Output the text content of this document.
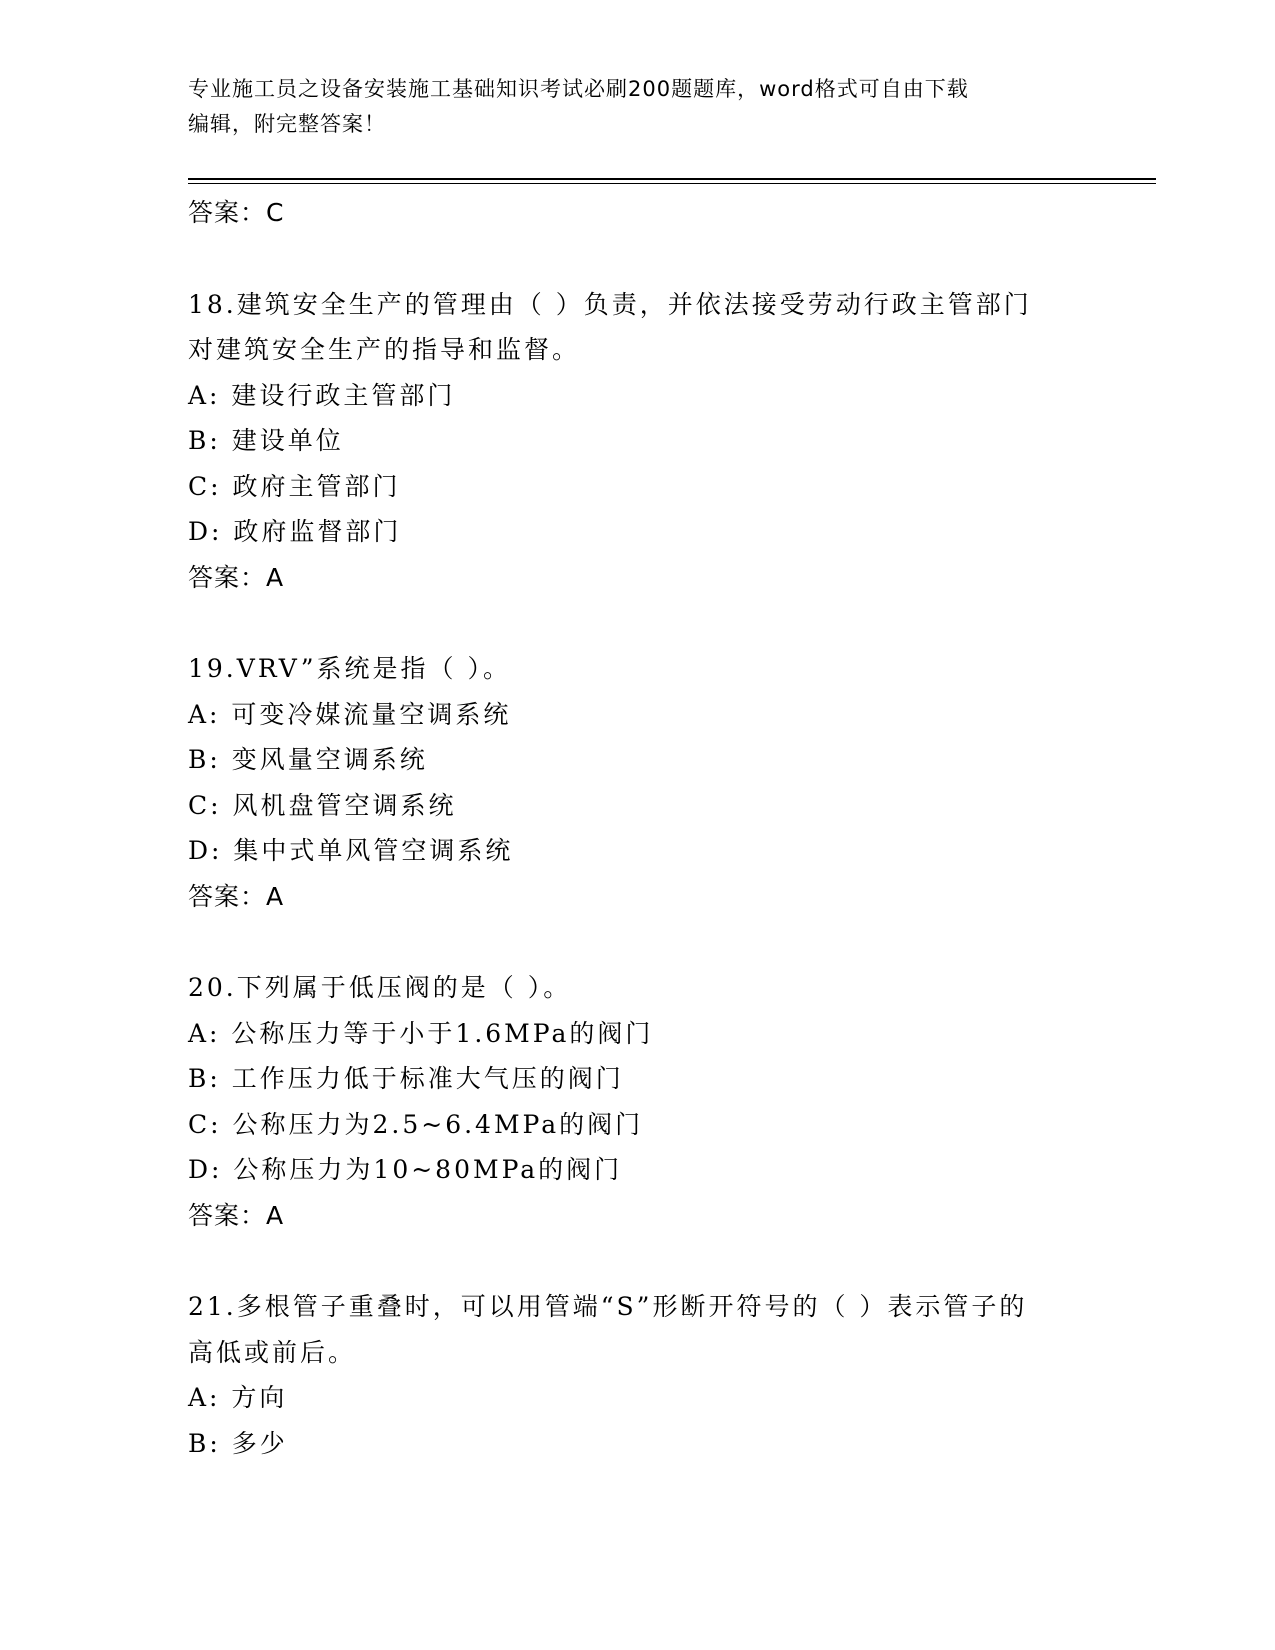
专业施工员之设备安装施工基础知识考试必刷200题题库，word格式可自由下载
编辑，附完整答案！
答案：C
18.建筑安全生产的管理由（ ）负责，并依法接受劳动行政主管部门
对建筑安全生产的指导和监督。
A: 建设行政主管部门
B: 建设单位
C: 政府主管部门
D: 政府监督部门
答案：A
19.VRV”系统是指（ ）。
A: 可变冷媒流量空调系统
B: 变风量空调系统
C: 风机盘管空调系统
D: 集中式单风管空调系统
答案：A
20.下列属于低压阀的是（ ）。
A: 公称压力等于小于1.6MPa的阀门
B: 工作压力低于标准大气压的阀门
C: 公称压力为2.5~6.4MPa的阀门
D: 公称压力为10~80MPa的阀门
答案：A
21.多根管子重叠时，可以用管端“S”形断开符号的（ ）表示管子的
高低或前后。
A: 方向
B: 多少
